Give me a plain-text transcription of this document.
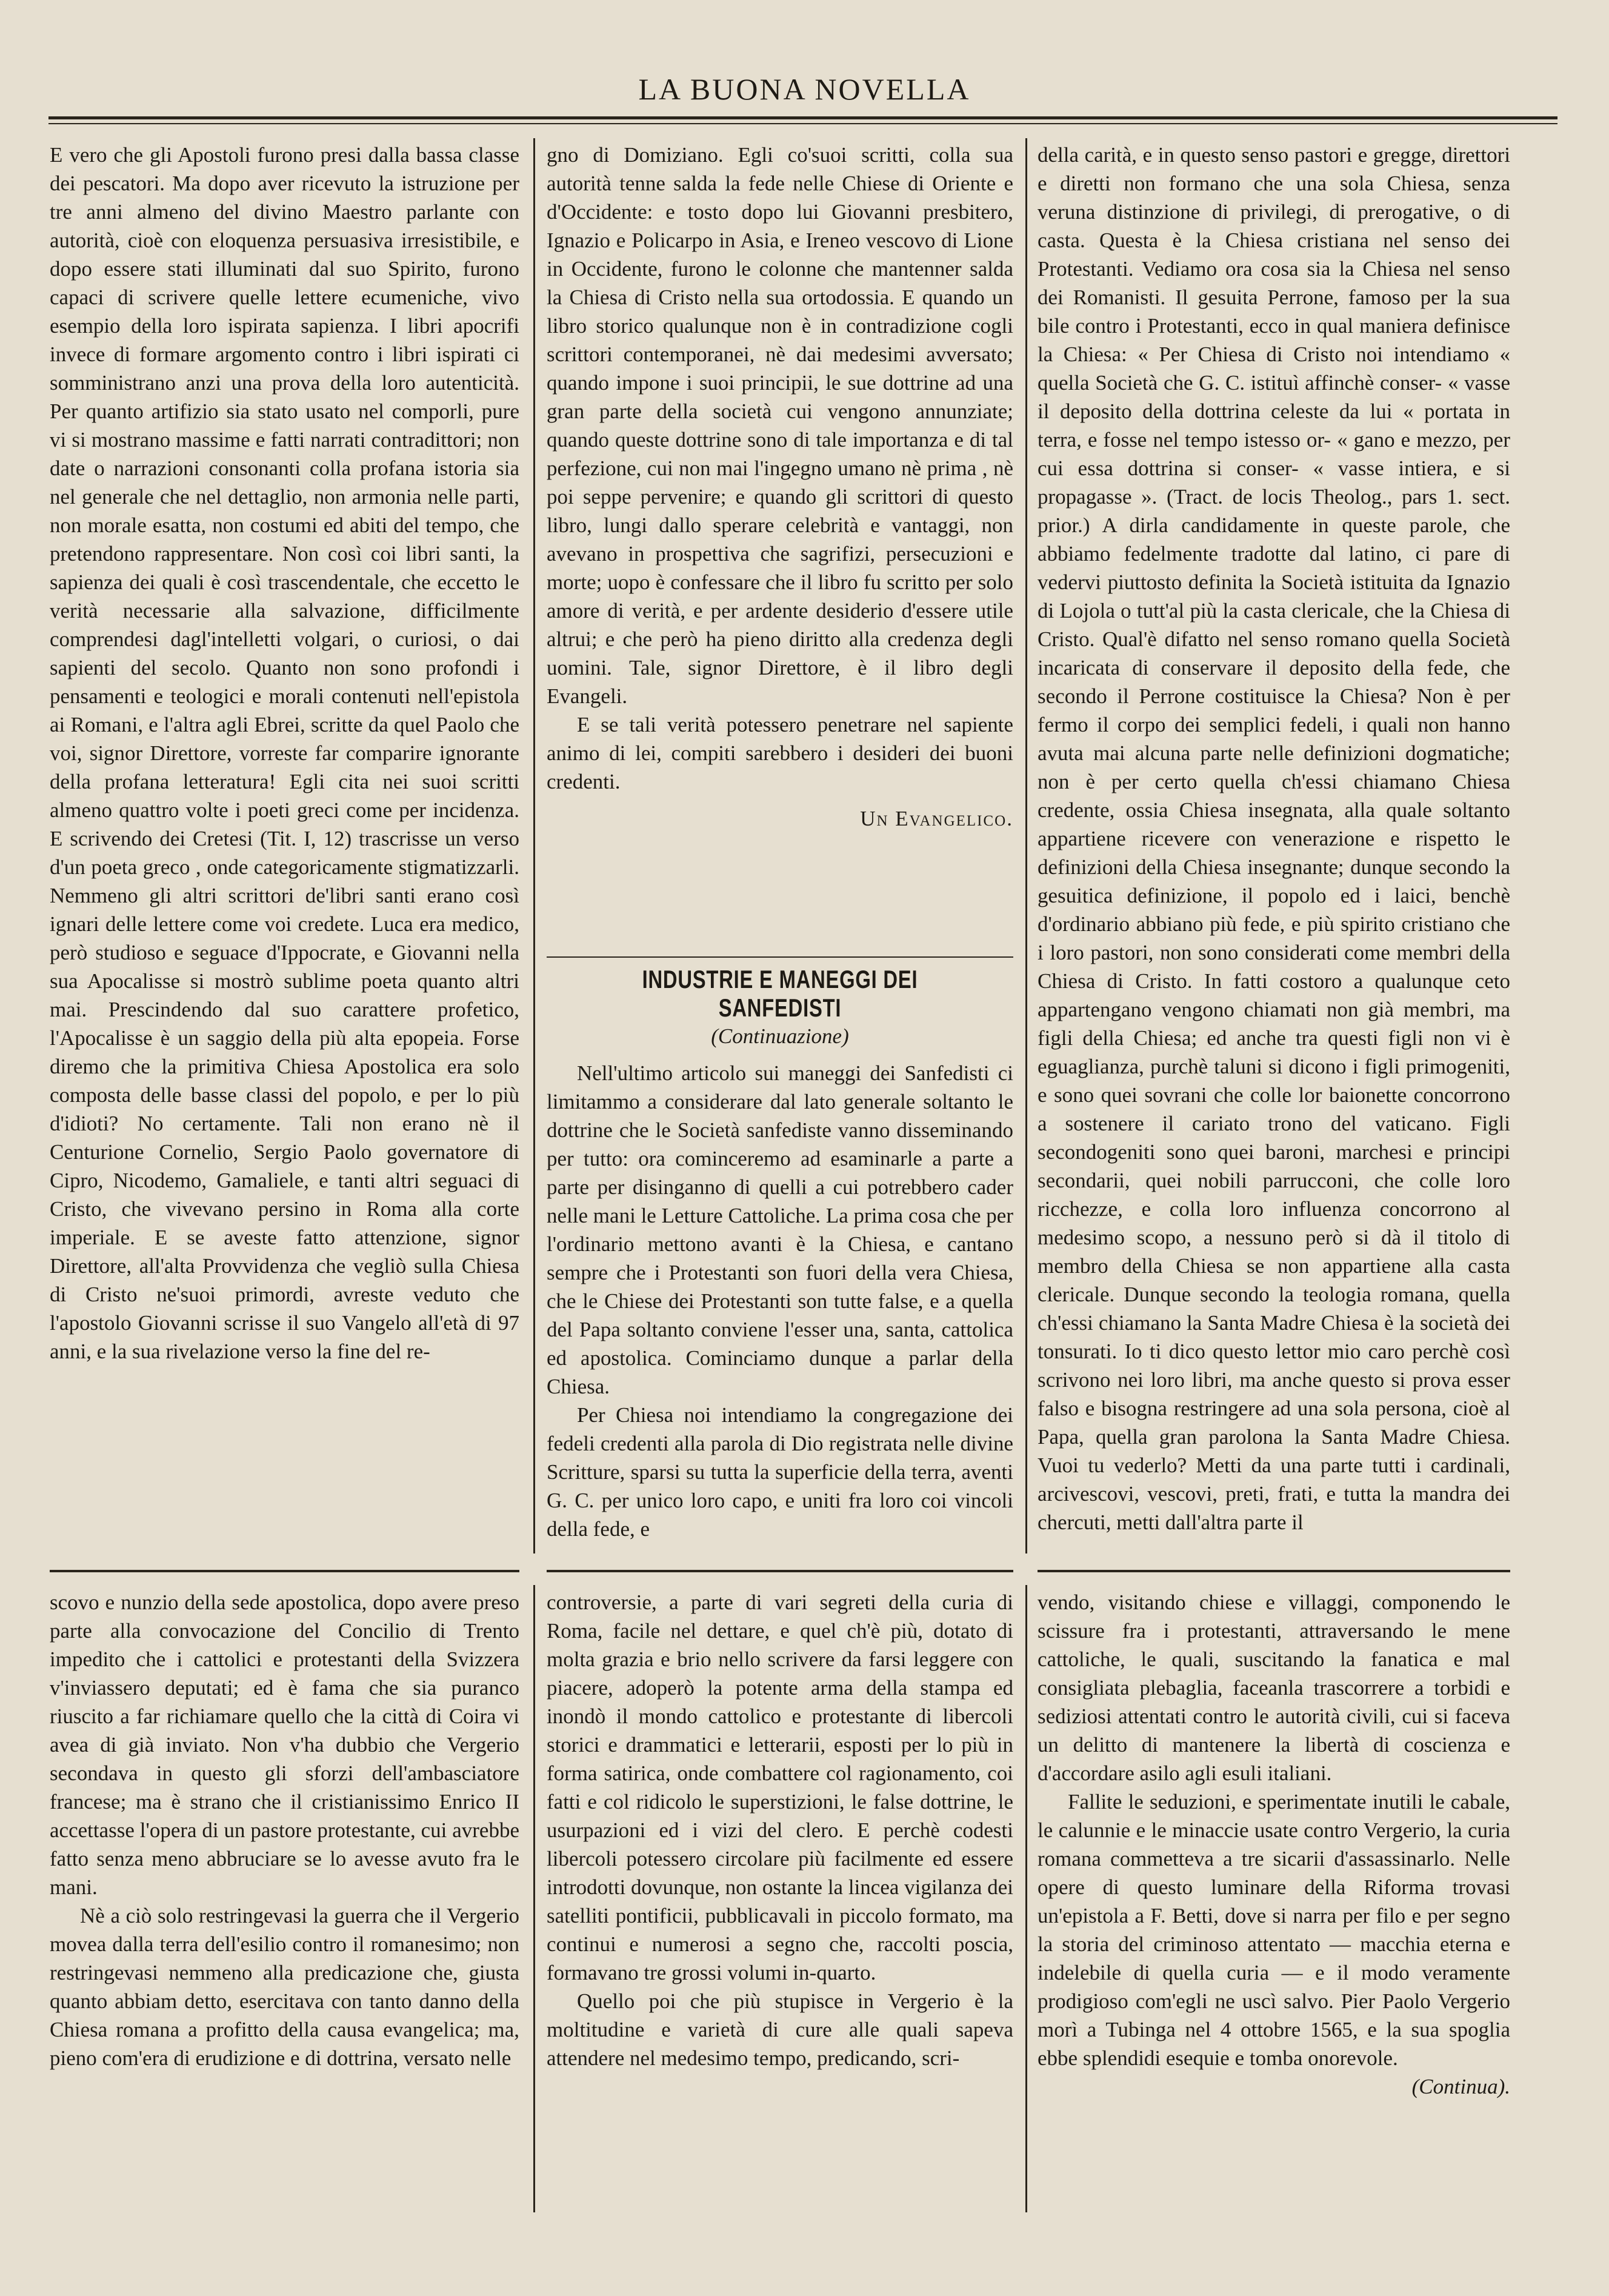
LA BUONA NOVELLA

E vero che gli Apostoli furono presi dalla bassa classe dei pescatori. Ma dopo aver ricevuto la istruzione per tre anni almeno del divino Maestro parlante con autorità, cioè con eloquenza persuasiva irresistibile, e dopo essere stati illuminati dal suo Spirito, furono capaci di scrivere quelle lettere ecumeniche, vivo esempio della loro ispirata sapienza. I libri apocrifi invece di formare argomento contro i libri ispirati ci somministrano anzi una prova della loro autenticità. Per quanto artifizio sia stato usato nel comporli, pure vi si mostrano massime e fatti narrati contradittori; non date o narrazioni consonanti colla profana istoria sia nel generale che nel dettaglio, non armonia nelle parti, non morale esatta, non costumi ed abiti del tempo, che pretendono rappresentare. Non così coi libri santi, la sapienza dei quali è così trascendentale, che eccetto le verità necessarie alla salvazione, difficilmente comprendesi dagl'intelletti volgari, o curiosi, o dai sapienti del secolo. Quanto non sono profondi i pensamenti e teologici e morali contenuti nell'epistola ai Romani, e l'altra agli Ebrei, scritte da quel Paolo che voi, signor Direttore, vorreste far comparire ignorante della profana letteratura! Egli cita nei suoi scritti almeno quattro volte i poeti greci come per incidenza. E scrivendo dei Cretesi (Tit. I, 12) trascrisse un verso d'un poeta greco , onde categoricamente stigmatizzarli. Nemmeno gli altri scrittori de'libri santi erano così ignari delle lettere come voi credete. Luca era medico, però studioso e seguace d'Ippocrate, e Giovanni nella sua Apocalisse si mostrò sublime poeta quanto altri mai. Prescindendo dal suo carattere profetico, l'Apocalisse è un saggio della più alta epopeia. Forse diremo che la primitiva Chiesa Apostolica era solo composta delle basse classi del popolo, e per lo più d'idioti? No certamente. Tali non erano nè il Centurione Cornelio, Sergio Paolo governatore di Cipro, Nicodemo, Gamaliele, e tanti altri seguaci di Cristo, che vivevano persino in Roma alla corte imperiale. E se aveste fatto attenzione, signor Direttore, all'alta Provvidenza che vegliò sulla Chiesa di Cristo ne'suoi primordi, avreste veduto che l'apostolo Giovanni scrisse il suo Vangelo all'età di 97 anni, e la sua rivelazione verso la fine del re-

gno di Domiziano. Egli co'suoi scritti, colla sua autorità tenne salda la fede nelle Chiese di Oriente e d'Occidente: e tosto dopo lui Giovanni presbitero, Ignazio e Policarpo in Asia, e Ireneo vescovo di Lione in Occidente, furono le colonne che mantenner salda la Chiesa di Cristo nella sua ortodossia. E quando un libro storico qualunque non è in contradizione cogli scrittori contemporanei, nè dai medesimi avversato; quando impone i suoi principii, le sue dottrine ad una gran parte della società cui vengono annunziate; quando queste dottrine sono di tale importanza e di tal perfezione, cui non mai l'ingegno umano nè prima , nè poi seppe pervenire; e quando gli scrittori di questo libro, lungi dallo sperare celebrità e vantaggi, non avevano in prospettiva che sagrifizi, persecuzioni e morte; uopo è confessare che il libro fu scritto per solo amore di verità, e per ardente desiderio d'essere utile altrui; e che però ha pieno diritto alla credenza degli uomini. Tale, signor Direttore, è il libro degli Evangeli.

E se tali verità potessero penetrare nel sapiente animo di lei, compiti sarebbero i desideri dei buoni credenti.

Un Evangelico.
INDUSTRIE E MANEGGI DEI SANFEDISTI
(Continuazione)

Nell'ultimo articolo sui maneggi dei Sanfedisti ci limitammo a considerare dal lato generale soltanto le dottrine che le Società sanfediste vanno disseminando per tutto: ora cominceremo ad esaminarle a parte a parte per disinganno di quelli a cui potrebbero cader nelle mani le Letture Cattoliche. La prima cosa che per l'ordinario mettono avanti è la Chiesa, e cantano sempre che i Protestanti son fuori della vera Chiesa, che le Chiese dei Protestanti son tutte false, e a quella del Papa soltanto conviene l'esser una, santa, cattolica ed apostolica. Cominciamo dunque a parlar della Chiesa.

Per Chiesa noi intendiamo la congregazione dei fedeli credenti alla parola di Dio registrata nelle divine Scritture, sparsi su tutta la superficie della terra, aventi G. C. per unico loro capo, e uniti fra loro coi vincoli della fede, e

della carità, e in questo senso pastori e gregge, direttori e diretti non formano che una sola Chiesa, senza veruna distinzione di privilegi, di prerogative, o di casta. Questa è la Chiesa cristiana nel senso dei Protestanti. Vediamo ora cosa sia la Chiesa nel senso dei Romanisti. Il gesuita Perrone, famoso per la sua bile contro i Protestanti, ecco in qual maniera definisce la Chiesa: « Per Chiesa di Cristo noi intendiamo « quella Società che G. C. istituì affinchè conser- « vasse il deposito della dottrina celeste da lui « portata in terra, e fosse nel tempo istesso or- « gano e mezzo, per cui essa dottrina si conser- « vasse intiera, e si propagasse ». (Tract. de locis Theolog., pars 1. sect. prior.) A dirla candidamente in queste parole, che abbiamo fedelmente tradotte dal latino, ci pare di vedervi piuttosto definita la Società istituita da Ignazio di Lojola o tutt'al più la casta clericale, che la Chiesa di Cristo. Qual'è difatto nel senso romano quella Società incaricata di conservare il deposito della fede, che secondo il Perrone costituisce la Chiesa? Non è per fermo il corpo dei semplici fedeli, i quali non hanno avuta mai alcuna parte nelle definizioni dogmatiche; non è per certo quella ch'essi chiamano Chiesa credente, ossia Chiesa insegnata, alla quale soltanto appartiene ricevere con venerazione e rispetto le definizioni della Chiesa insegnante; dunque secondo la gesuitica definizione, il popolo ed i laici, benchè d'ordinario abbiano più fede, e più spirito cristiano che i loro pastori, non sono considerati come membri della Chiesa di Cristo. In fatti costoro a qualunque ceto appartengano vengono chiamati non già membri, ma figli della Chiesa; ed anche tra questi figli non vi è eguaglianza, purchè taluni si dicono i figli primogeniti, e sono quei sovrani che colle lor baionette concorrono a sostenere il cariato trono del vaticano. Figli secondogeniti sono quei baroni, marchesi e principi secondarii, quei nobili parrucconi, che colle loro ricchezze, e colla loro influenza concorrono al medesimo scopo, a nessuno però si dà il titolo di membro della Chiesa se non appartiene alla casta clericale. Dunque secondo la teologia romana, quella ch'essi chiamano la Santa Madre Chiesa è la società dei tonsurati. Io ti dico questo lettor mio caro perchè così scrivono nei loro libri, ma anche questo si prova esser falso e bisogna restringere ad una sola persona, cioè al Papa, quella gran parolona la Santa Madre Chiesa. Vuoi tu vederlo? Metti da una parte tutti i cardinali, arcivescovi, vescovi, preti, frati, e tutta la mandra dei chercuti, metti dall'altra parte il

scovo e nunzio della sede apostolica, dopo avere preso parte alla convocazione del Concilio di Trento impedito che i cattolici e protestanti della Svizzera v'inviassero deputati; ed è fama che sia puranco riuscito a far richiamare quello che la città di Coira vi avea di già inviato. Non v'ha dubbio che Vergerio secondava in questo gli sforzi dell'ambasciatore francese; ma è strano che il cristianissimo Enrico II accettasse l'opera di un pastore protestante, cui avrebbe fatto senza meno abbruciare se lo avesse avuto fra le mani.

Nè a ciò solo restringevasi la guerra che il Vergerio movea dalla terra dell'esilio contro il romanesimo; non restringevasi nemmeno alla predicazione che, giusta quanto abbiam detto, esercitava con tanto danno della Chiesa romana a profitto della causa evangelica; ma, pieno com'era di erudizione e di dottrina, versato nelle

controversie, a parte di vari segreti della curia di Roma, facile nel dettare, e quel ch'è più, dotato di molta grazia e brio nello scrivere da farsi leggere con piacere, adoperò la potente arma della stampa ed inondò il mondo cattolico e protestante di libercoli storici e drammatici e letterarii, esposti per lo più in forma satirica, onde combattere col ragionamento, coi fatti e col ridicolo le superstizioni, le false dottrine, le usurpazioni ed i vizi del clero. E perchè codesti libercoli potessero circolare più facilmente ed essere introdotti dovunque, non ostante la lincea vigilanza dei satelliti pontificii, pubblicavali in piccolo formato, ma continui e numerosi a segno che, raccolti poscia, formavano tre grossi volumi in-quarto.

Quello poi che più stupisce in Vergerio è la moltitudine e varietà di cure alle quali sapeva attendere nel medesimo tempo, predicando, scri-

vendo, visitando chiese e villaggi, componendo le scissure fra i protestanti, attraversando le mene cattoliche, le quali, suscitando la fanatica e mal consigliata plebaglia, faceanla trascorrere a torbidi e sediziosi attentati contro le autorità civili, cui si faceva un delitto di mantenere la libertà di coscienza e d'accordare asilo agli esuli italiani.

Fallite le seduzioni, e sperimentate inutili le cabale, le calunnie e le minaccie usate contro Vergerio, la curia romana commetteva a tre sicarii d'assassinarlo. Nelle opere di questo luminare della Riforma trovasi un'epistola a F. Betti, dove si narra per filo e per segno la storia del criminoso attentato — macchia eterna e indelebile di quella curia — e il modo veramente prodigioso com'egli ne uscì salvo. Pier Paolo Vergerio morì a Tubinga nel 4 ottobre 1565, e la sua spoglia ebbe splendidi esequie e tomba onorevole.

(Continua).
